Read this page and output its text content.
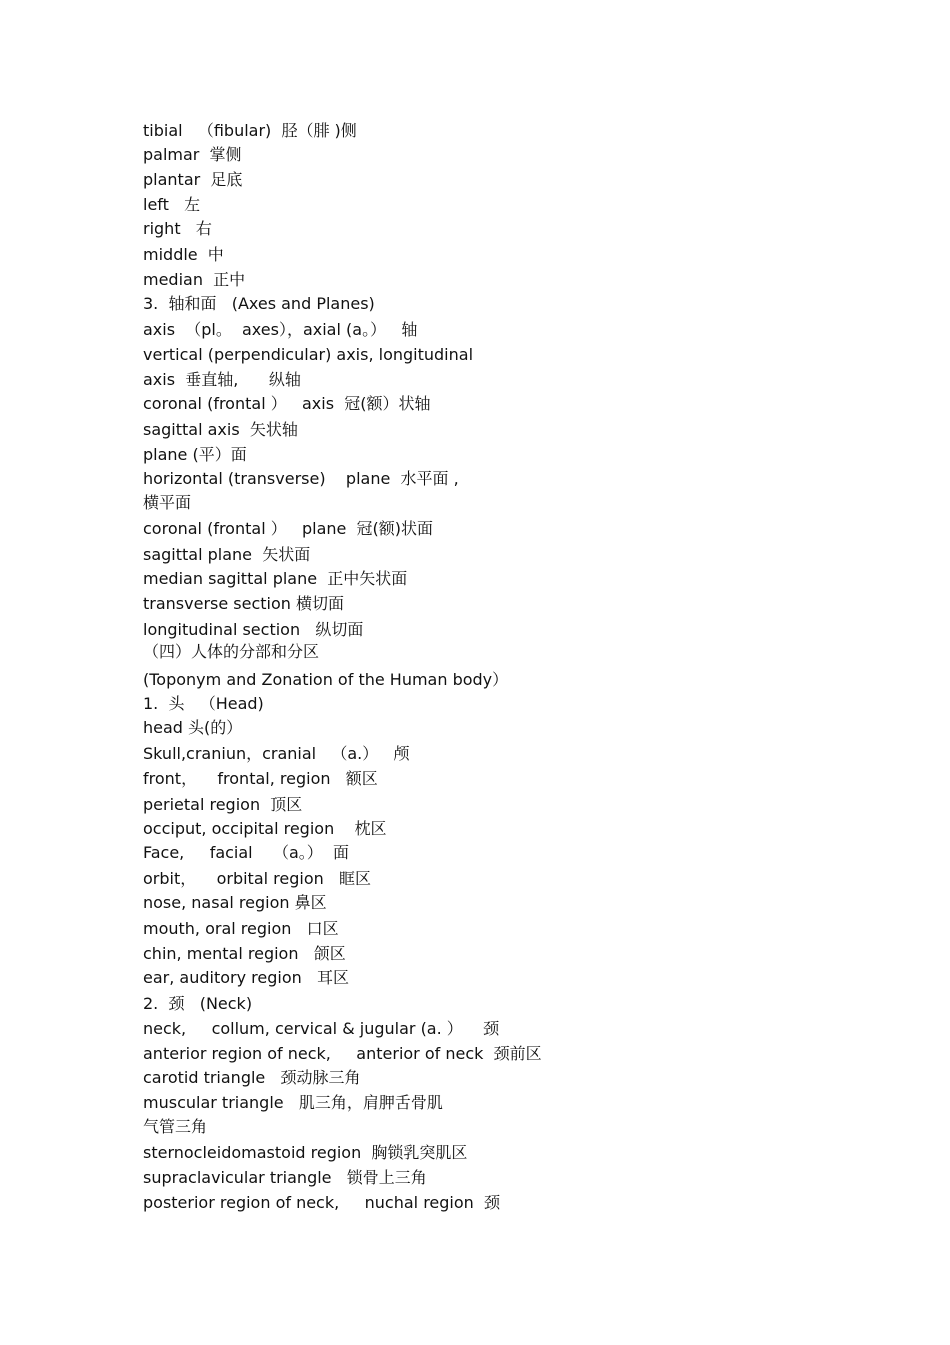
tibial   （fibular)  胫（腓 )侧
palmar  掌侧
plantar  足底
left   左
right   右
middle  中
median  正中
3.  轴和面   (Axes and Planes)
axis  （pl。  axes），axial (a。）   轴
vertical (perpendicular) axis, longitudinal
axis  垂直轴,      纵轴
coronal (frontal ）   axis  冠(额）状轴
sagittal axis  矢状轴
plane (平）面
horizontal (transverse)    plane  水平面 ,
横平面
coronal (frontal ）   plane  冠(额)状面
sagittal plane  矢状面
median sagittal plane  正中矢状面
transverse section 横切面
longitudinal section   纵切面
（四）人体的分部和分区
(Toponym and Zonation of the Human body）
1.  头   （Head)
head 头(的）
Skull,craniun，cranial   （a.）   颅
front，    frontal, region   额区
perietal region  顶区
occiput, occipital region    枕区
Face,     facial    （a。）  面
orbit，    orbital region   眶区
nose, nasal region 鼻区
mouth, oral region   口区
chin, mental region   颌区
ear, auditory region   耳区
2.  颈   (Neck)
neck,     collum, cervical & jugular (a. ）    颈
anterior region of neck,     anterior of neck  颈前区
carotid triangle   颈动脉三角
muscular triangle   肌三角，肩胛舌骨肌
气管三角
sternocleidomastoid region  胸锁乳突肌区
supraclavicular triangle   锁骨上三角
posterior region of neck,     nuchal region  颈
